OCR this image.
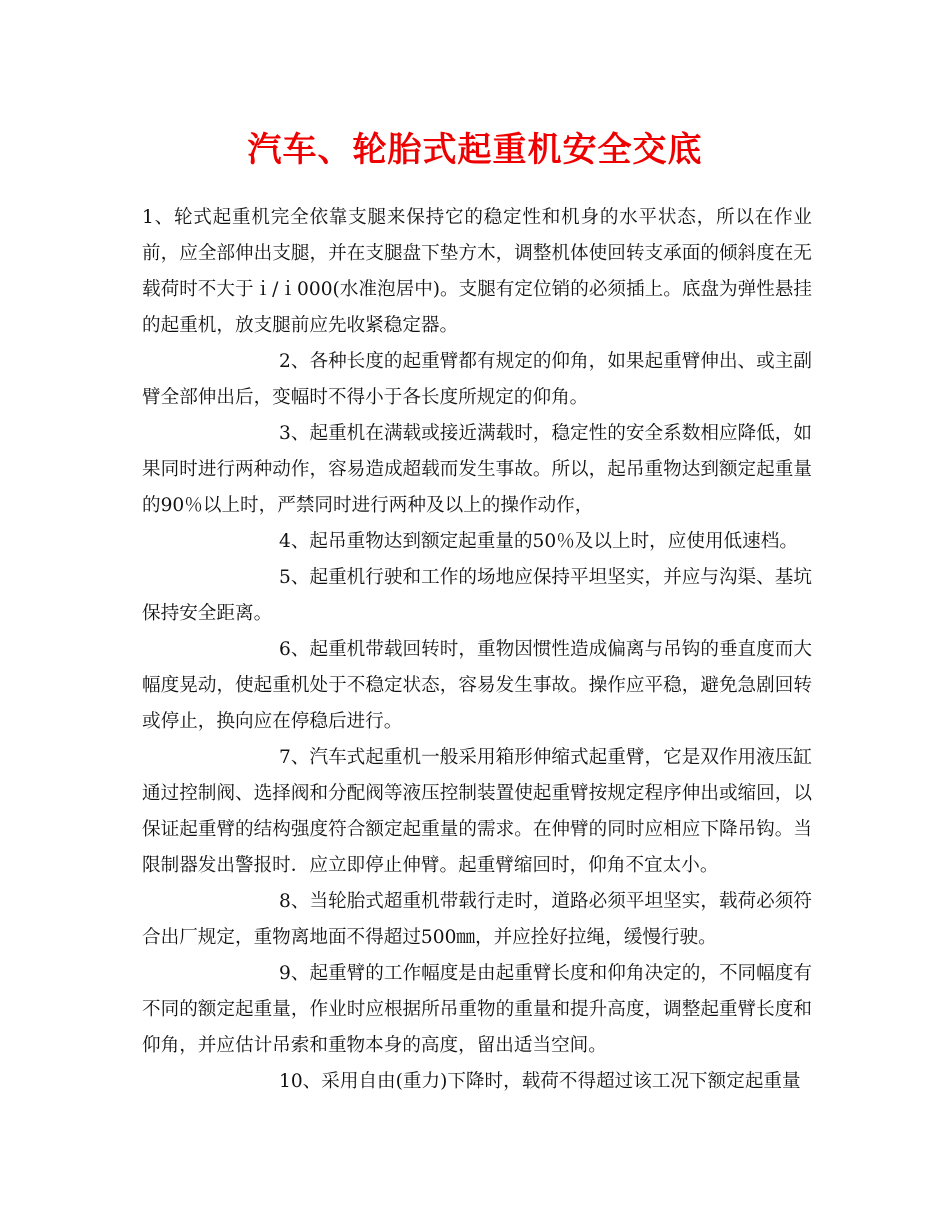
汽车、轮胎式起重机安全交底

1、轮式起重机完全依靠支腿来保持它的稳定性和机身的水平状态，所以在作业前，应全部伸出支腿，并在支腿盘下垫方木，调整机体使回转支承面的倾斜度在无载荷时不大于ｉ/ｉ000(水准泡居中)。支腿有定位销的必须插上。底盘为弹性悬挂的起重机，放支腿前应先收紧稳定器。

2、各种长度的起重臂都有规定的仰角，如果起重臂伸出、或主副臂全部伸出后，变幅时不得小于各长度所规定的仰角。

3、起重机在满载或接近满载时，稳定性的安全系数相应降低，如果同时进行两种动作，容易造成超载而发生事故。所以，起吊重物达到额定起重量的90％以上时，严禁同时进行两种及以上的操作动作，

4、起吊重物达到额定起重量的50％及以上时，应使用低速档。

5、起重机行驶和工作的场地应保持平坦坚实，并应与沟渠、基坑保持安全距离。

6、起重机带载回转时，重物因惯性造成偏离与吊钩的垂直度而大幅度晃动，使起重机处于不稳定状态，容易发生事故。操作应平稳，避免急剧回转或停止，换向应在停稳后进行。

7、汽车式起重机一般采用箱形伸缩式起重臂，它是双作用液压缸通过控制阀、选择阀和分配阀等液压控制装置使起重臂按规定程序伸出或缩回，以保证起重臂的结构强度符合额定起重量的需求。在伸臂的同时应相应下降吊钩。当限制器发出警报时．应立即停止伸臂。起重臂缩回时，仰角不宜太小。

8、当轮胎式超重机带载行走时，道路必须平坦坚实，载荷必须符合出厂规定，重物离地面不得超过500㎜，并应拴好拉绳，缓慢行驶。

9、起重臂的工作幅度是由起重臂长度和仰角决定的，不同幅度有不同的额定起重量，作业时应根据所吊重物的重量和提升高度，调整起重臂长度和仰角，并应估计吊索和重物本身的高度，留出适当空间。

10、采用自由(重力)下降时，载荷不得超过该工况下额定起重量
